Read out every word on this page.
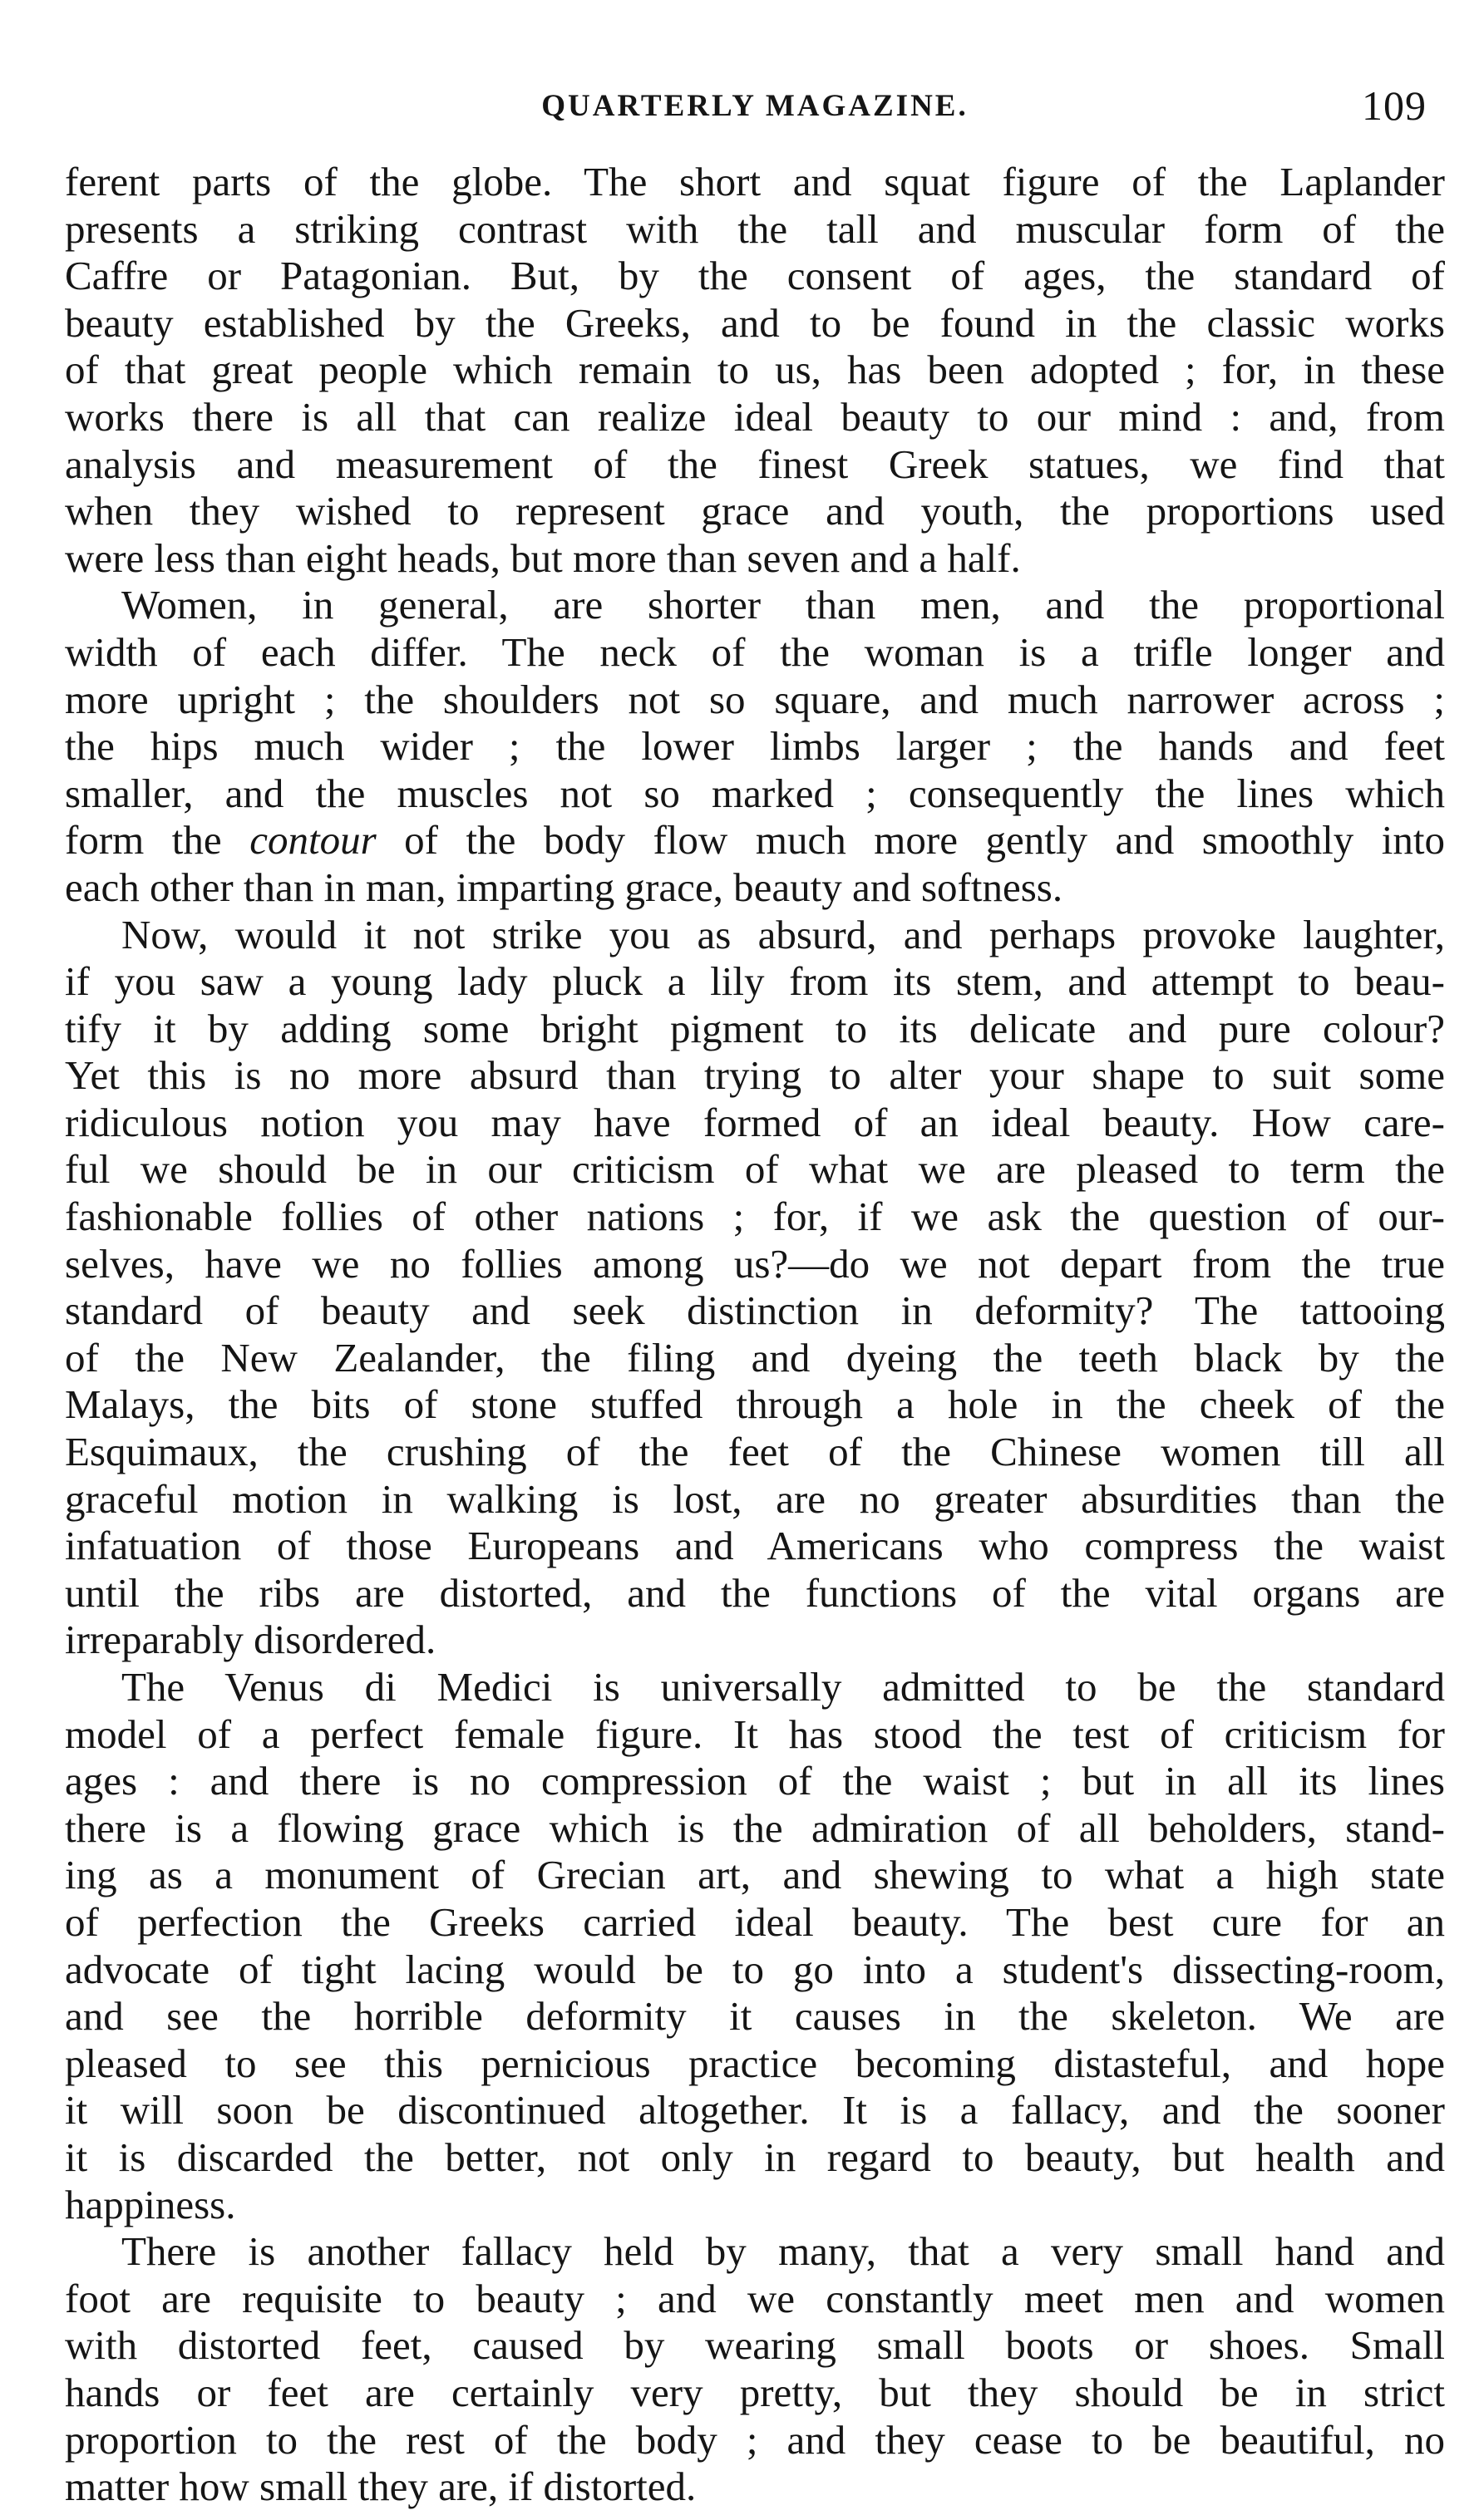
QUARTERLY MAGAZINE.	109
ferent parts of the globe. The short and squat figure of the Laplander
presents a striking contrast with the tall and muscular form of the
Caffre or Patagonian. But, by the consent of ages, the standard of
beauty established by the Greeks, and to be found in the classic works
of that great people which remain to us, has been adopted ; for, in these
works there is all that can realize ideal beauty to our mind : and, from
analysis and measurement of the finest Greek statues, we find that
when they wished to represent grace and youth, the proportions used
were less than eight heads, but more than seven and a half.
Women, in general, are shorter than men, and the proportional
width of each differ. The neck of the woman is a trifle longer and
more upright ; the shoulders not so square, and much narrower across ;
the hips much wider ; the lower limbs larger ; the hands and feet
smaller, and the muscles not so marked ; consequently the lines which
form the contour of the body flow much more gently and smoothly into
each other than in man, imparting grace, beauty and softness.
Now, would it not strike you as absurd, and perhaps provoke laughter,
if you saw a young lady pluck a lily from its stem, and attempt to beau-
tify it by adding some bright pigment to its delicate and pure colour?
Yet this is no more absurd than trying to alter your shape to suit some
ridiculous notion you may have formed of an ideal beauty. How care-
ful we should be in our criticism of what we are pleased to term the
fashionable follies of other nations ; for, if we ask the question of our-
selves, have we no follies among us?—do we not depart from the true
standard of beauty and seek distinction in deformity? The tattooing
of the New Zealander, the filing and dyeing the teeth black by the
Malays, the bits of stone stuffed through a hole in the cheek of the
Esquimaux, the crushing of the feet of the Chinese women till all
graceful motion in walking is lost, are no greater absurdities than the
infatuation of those Europeans and Americans who compress the waist
until the ribs are distorted, and the functions of the vital organs are
irreparably disordered.
The Venus di Medici is universally admitted to be the standard
model of a perfect female figure. It has stood the test of criticism for
ages : and there is no compression of the waist ; but in all its lines
there is a flowing grace which is the admiration of all beholders, stand-
ing as a monument of Grecian art, and shewing to what a high state
of perfection the Greeks carried ideal beauty. The best cure for an
advocate of tight lacing would be to go into a student's dissecting-room,
and see the horrible deformity it causes in the skeleton. We are
pleased to see this pernicious practice becoming distasteful, and hope
it will soon be discontinued altogether. It is a fallacy, and the sooner
it is discarded the better, not only in regard to beauty, but health and
happiness.
There is another fallacy held by many, that a very small hand and
foot are requisite to beauty ; and we constantly meet men and women
with distorted feet, caused by wearing small boots or shoes. Small
hands or feet are certainly very pretty, but they should be in strict
proportion to the rest of the body ; and they cease to be beautiful, no
matter how small they are, if distorted.
